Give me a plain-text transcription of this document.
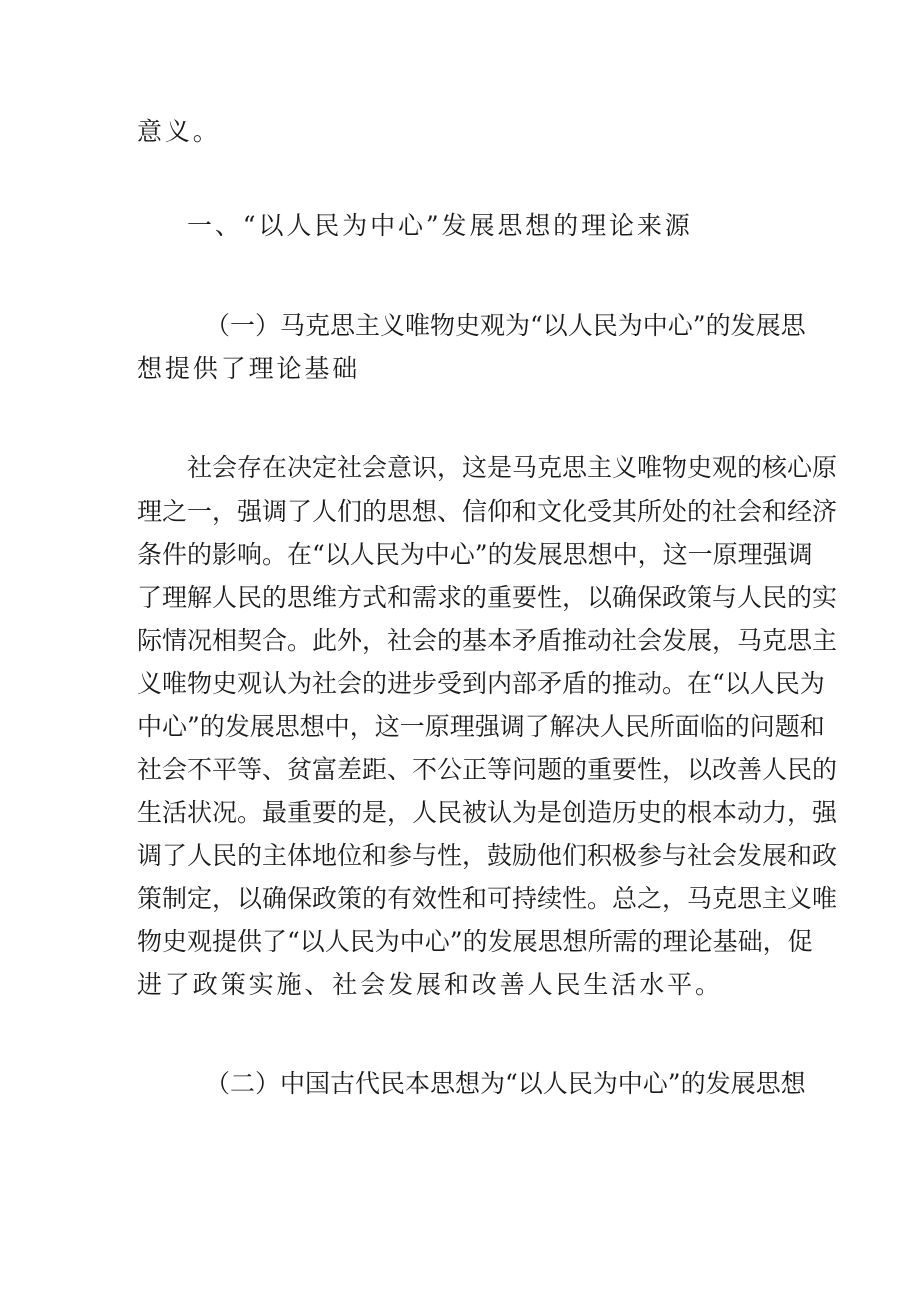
意义。
一、“以人民为中心”发展思想的理论来源
（一）马克思主义唯物史观为“以人民为中心”的发展思
想提供了理论基础
社会存在决定社会意识，这是马克思主义唯物史观的核心原
理之一，强调了人们的思想、信仰和文化受其所处的社会和经济
条件的影响。在“以人民为中心”的发展思想中，这一原理强调
了理解人民的思维方式和需求的重要性，以确保政策与人民的实
际情况相契合。此外，社会的基本矛盾推动社会发展，马克思主
义唯物史观认为社会的进步受到内部矛盾的推动。在“以人民为
中心”的发展思想中，这一原理强调了解决人民所面临的问题和
社会不平等、贫富差距、不公正等问题的重要性，以改善人民的
生活状况。最重要的是，人民被认为是创造历史的根本动力，强
调了人民的主体地位和参与性，鼓励他们积极参与社会发展和政
策制定，以确保政策的有效性和可持续性。总之，马克思主义唯
物史观提供了“以人民为中心”的发展思想所需的理论基础，促
进了政策实施、社会发展和改善人民生活水平。
（二）中国古代民本思想为“以人民为中心”的发展思想
